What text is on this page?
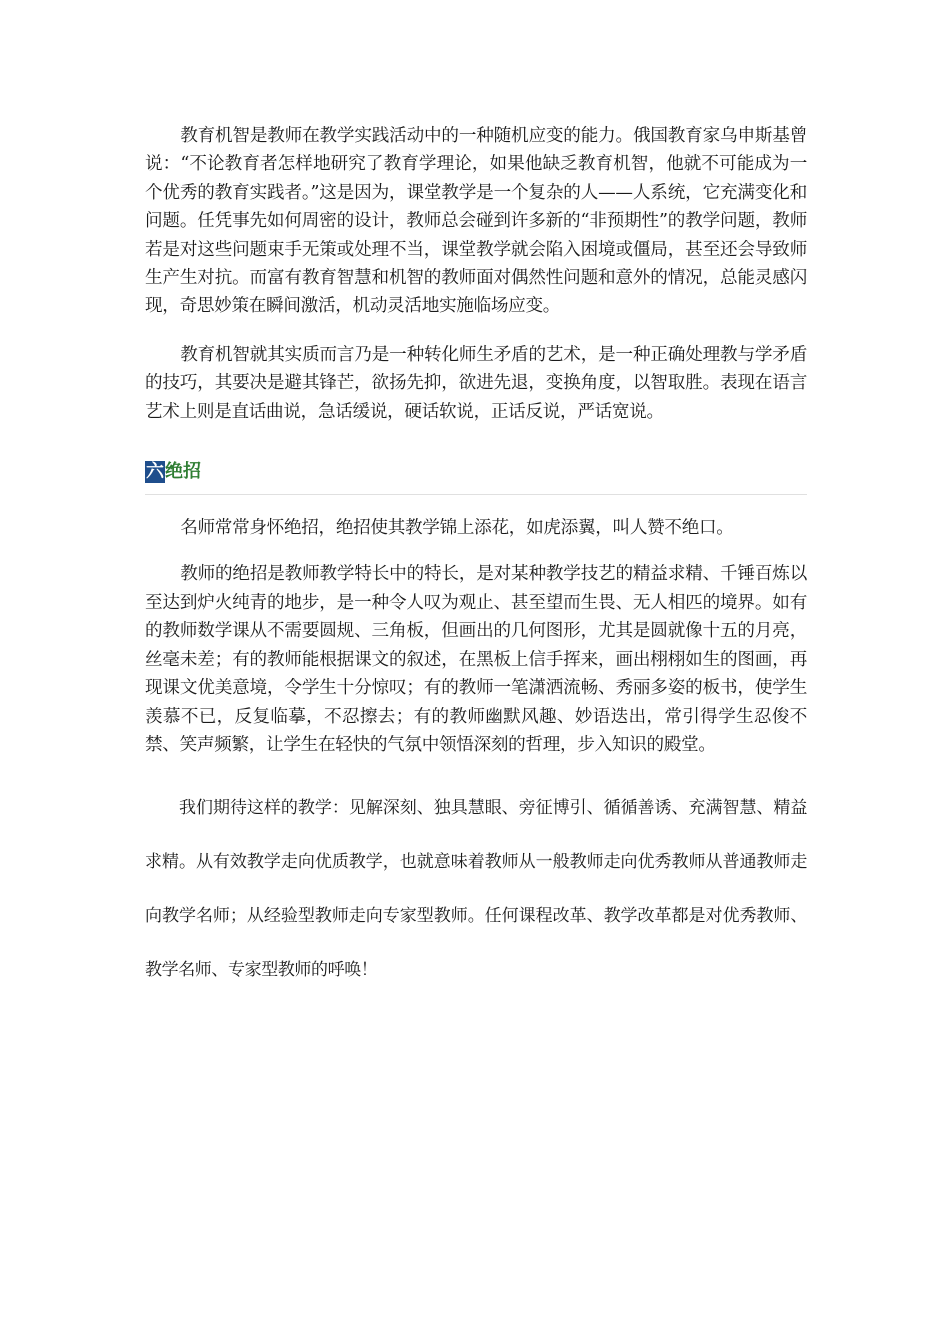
教育机智是教师在教学实践活动中的一种随机应变的能力。俄国教育家乌申斯基曾说：“不论教育者怎样地研究了教育学理论，如果他缺乏教育机智，他就不可能成为一个优秀的教育实践者。”这是因为，课堂教学是一个复杂的人——人系统，它充满变化和问题。任凭事先如何周密的设计，教师总会碰到许多新的“非预期性”的教学问题，教师若是对这些问题束手无策或处理不当，课堂教学就会陷入困境或僵局，甚至还会导致师生产生对抗。而富有教育智慧和机智的教师面对偶然性问题和意外的情况，总能灵感闪现，奇思妙策在瞬间激活，机动灵活地实施临场应变。

教育机智就其实质而言乃是一种转化师生矛盾的艺术，是一种正确处理教与学矛盾的技巧，其要决是避其锋芒，欲扬先抑，欲进先退，变换角度，以智取胜。表现在语言艺术上则是直话曲说，急话缓说，硬话软说，正话反说，严话宽说。

六 绝招

名师常常身怀绝招，绝招使其教学锦上添花，如虎添翼，叫人赞不绝口。

教师的绝招是教师教学特长中的特长，是对某种教学技艺的精益求精、千锤百炼以至达到炉火纯青的地步，是一种令人叹为观止、甚至望而生畏、无人相匹的境界。如有的教师数学课从不需要圆规、三角板，但画出的几何图形，尤其是圆就像十五的月亮，丝毫未差；有的教师能根据课文的叙述，在黑板上信手挥来，画出栩栩如生的图画，再现课文优美意境，令学生十分惊叹；有的教师一笔潇洒流畅、秀丽多姿的板书，使学生羡慕不已，反复临摹，不忍擦去；有的教师幽默风趣、妙语迭出，常引得学生忍俊不禁、笑声频繁，让学生在轻快的气氛中领悟深刻的哲理，步入知识的殿堂。

我们期待这样的教学：见解深刻、独具慧眼、旁征博引、循循善诱、充满智慧、精益求精。从有效教学走向优质教学，也就意味着教师从一般教师走向优秀教师从普通教师走向教学名师；从经验型教师走向专家型教师。任何课程改革、教学改革都是对优秀教师、教学名师、专家型教师的呼唤！
